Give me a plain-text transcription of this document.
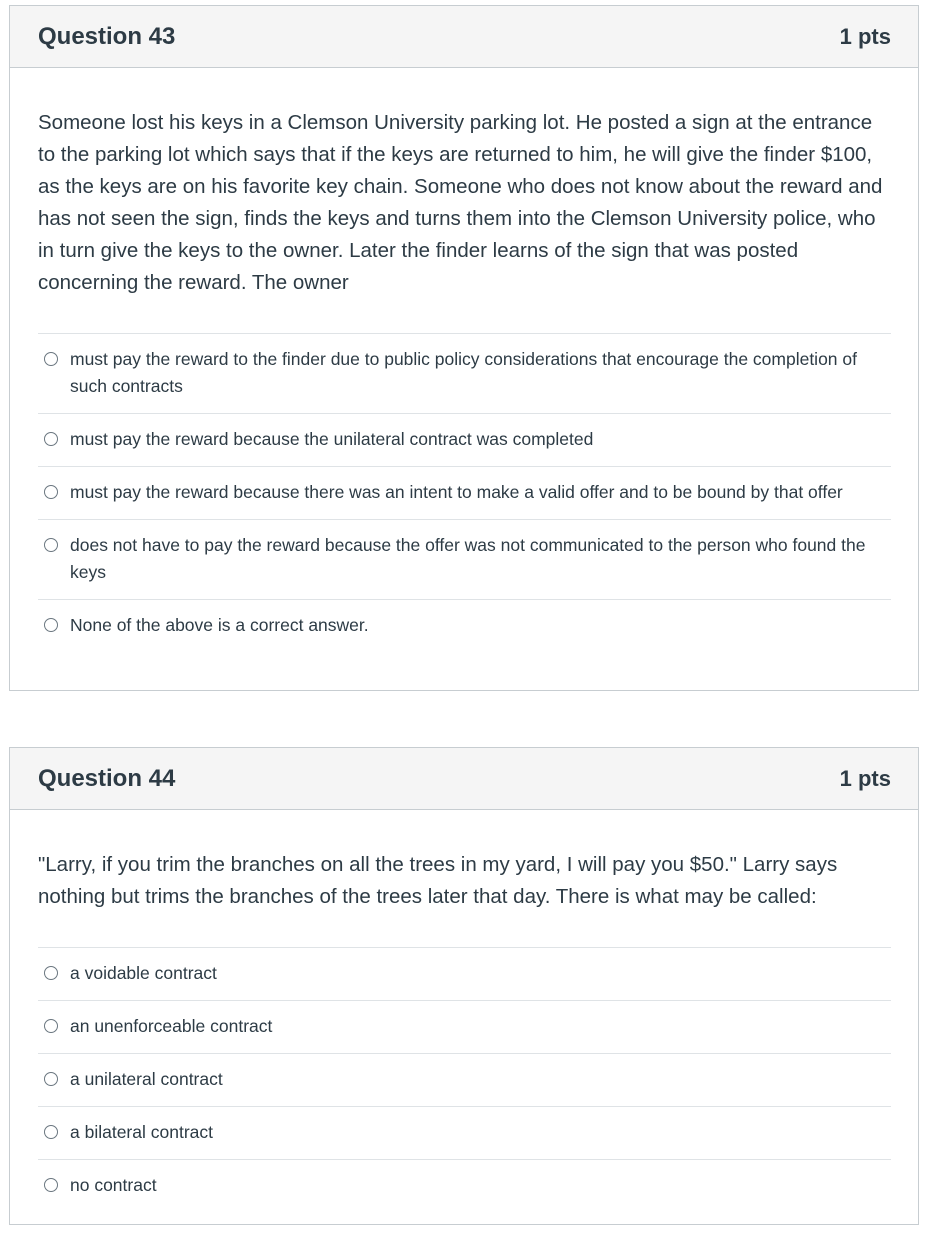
Question 43	1 pts

Someone lost his keys in a Clemson University parking lot. He posted a sign at the entrance to the parking lot which says that if the keys are returned to him, he will give the finder $100, as the keys are on his favorite key chain. Someone who does not know about the reward and has not seen the sign, finds the keys and turns them into the Clemson University police, who in turn give the keys to the owner. Later the finder learns of the sign that was posted concerning the reward. The owner

must pay the reward to the finder due to public policy considerations that encourage the completion of such contracts
must pay the reward because the unilateral contract was completed
must pay the reward because there was an intent to make a valid offer and to be bound by that offer
does not have to pay the reward because the offer was not communicated to the person who found the keys
None of the above is a correct answer.
Question 44	1 pts

"Larry, if you trim the branches on all the trees in my yard, I will pay you $50." Larry says nothing but trims the branches of the trees later that day. There is what may be called:

a voidable contract
an unenforceable contract
a unilateral contract
a bilateral contract
no contract
